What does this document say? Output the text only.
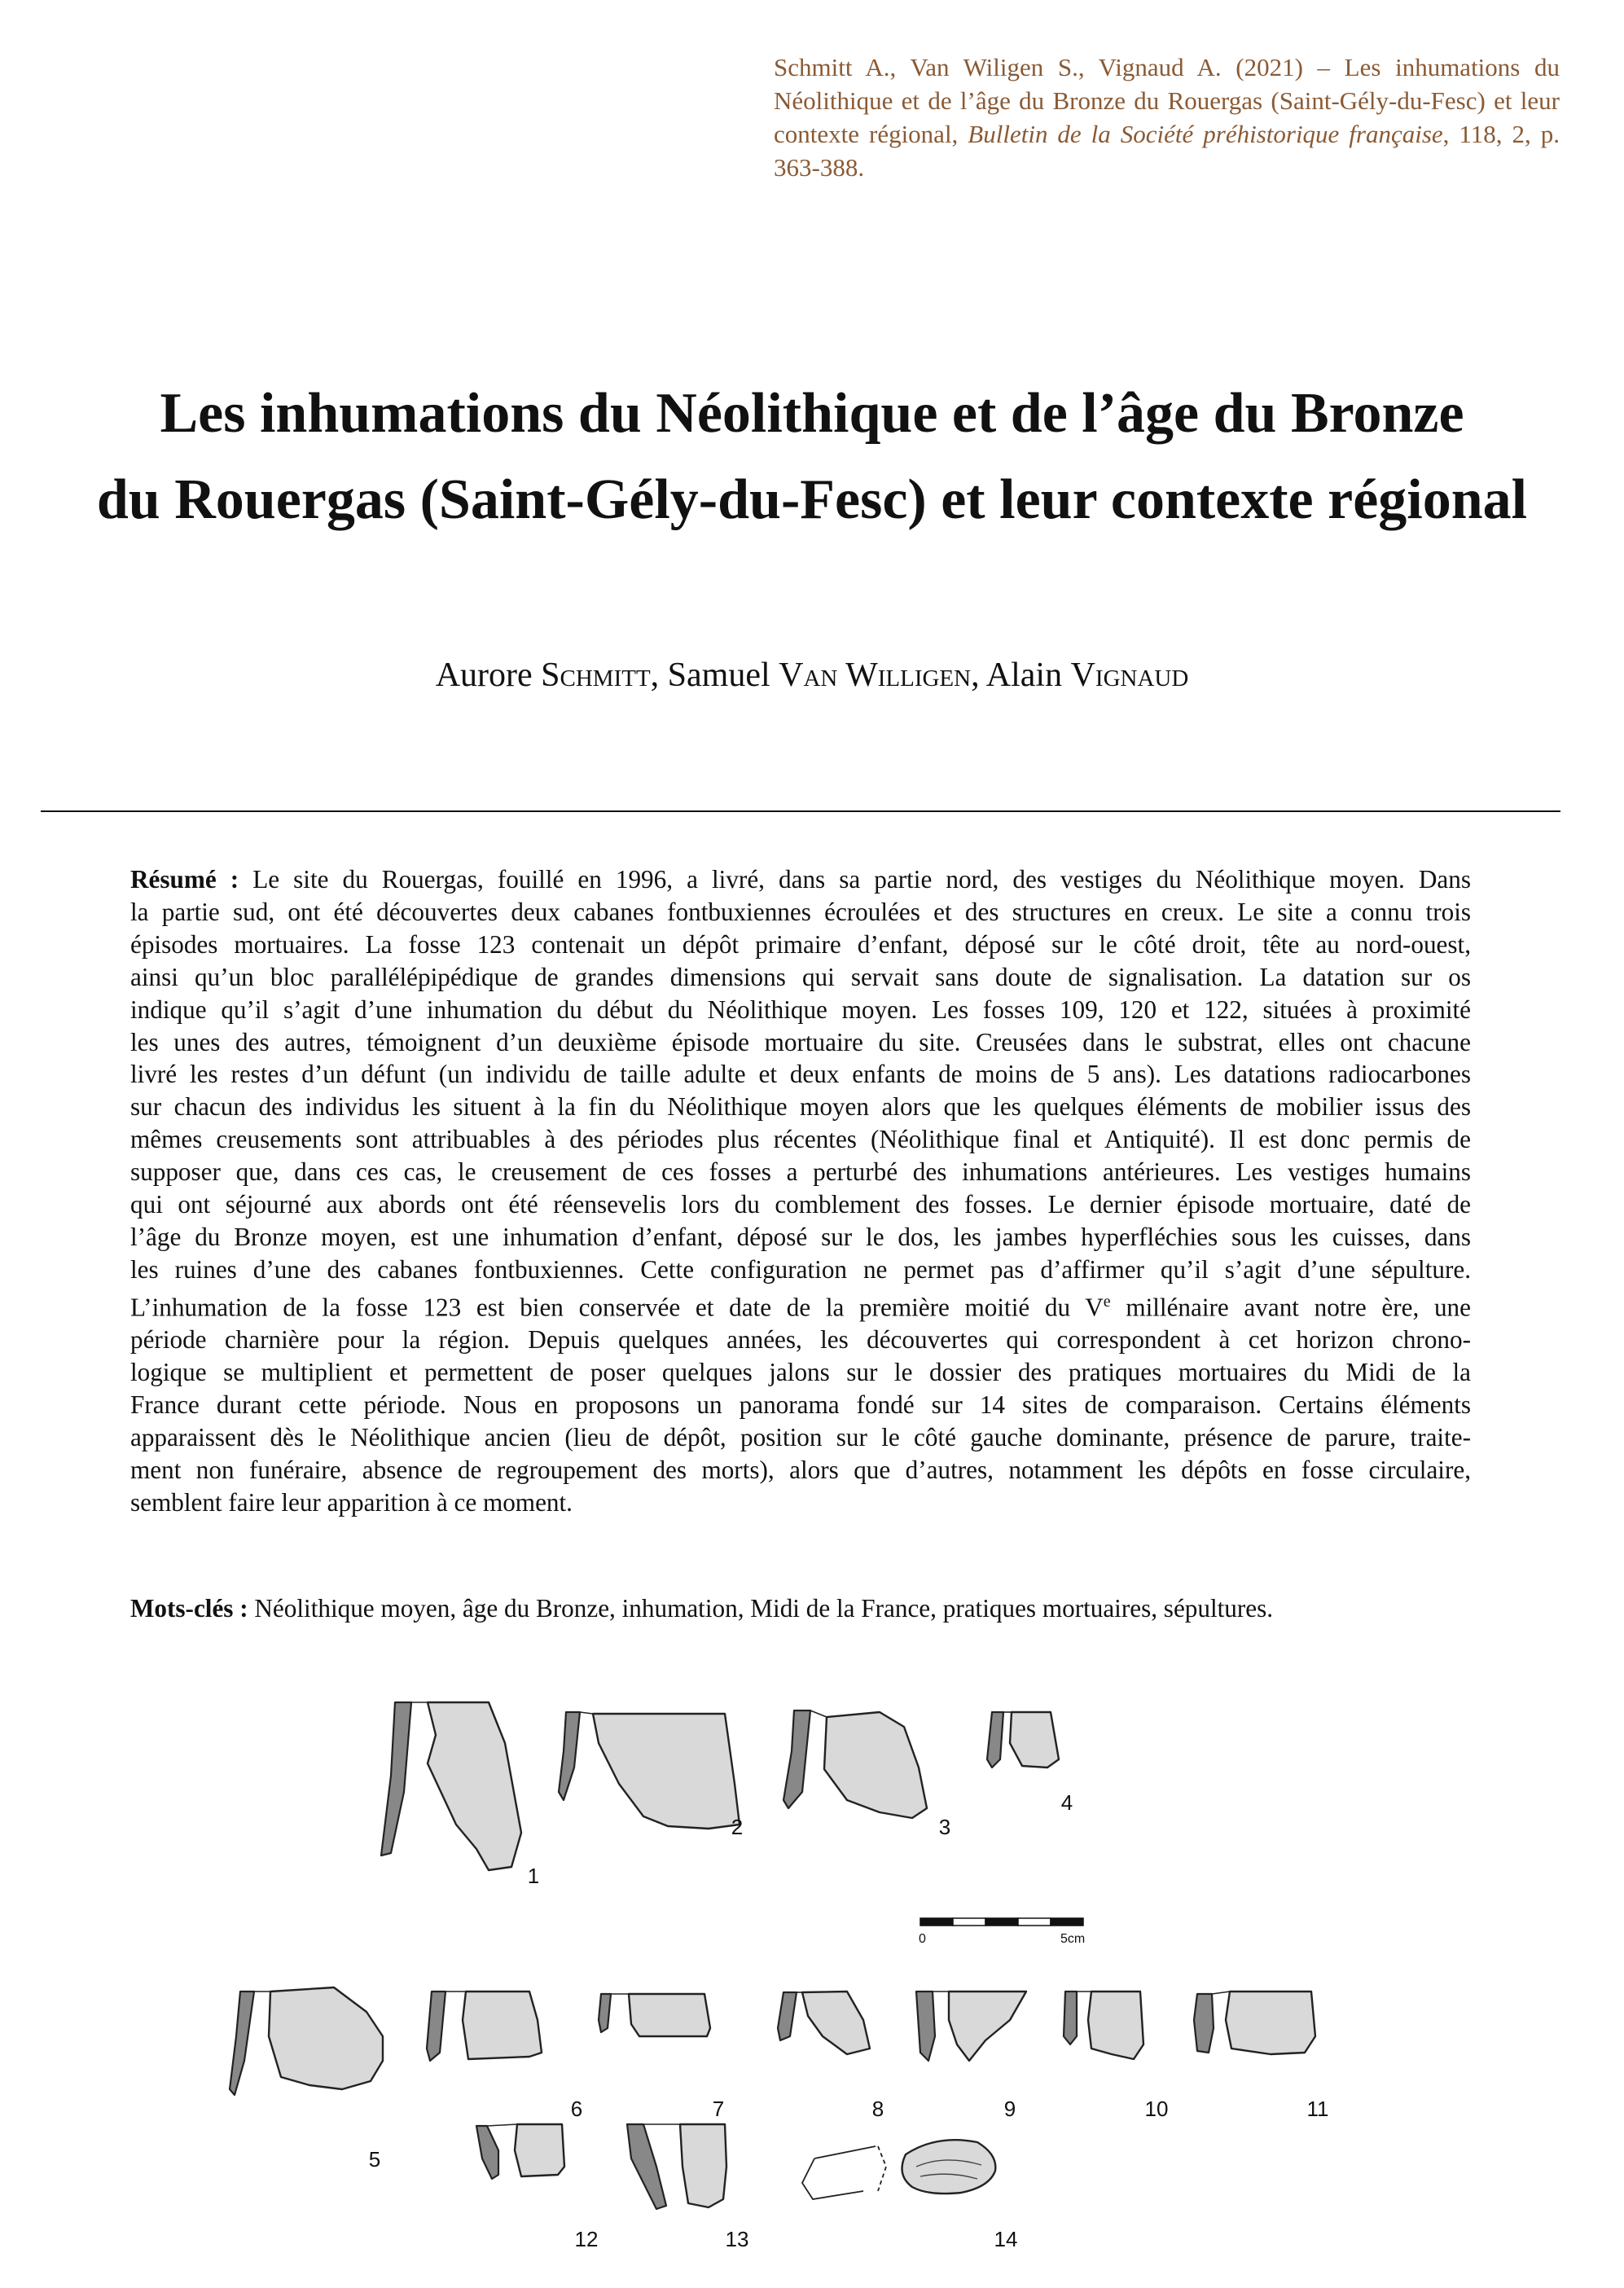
Schmitt A., Van Wiligen S., Vignaud A. (2021) – Les inhumations du Néolithique et de l’âge du Bronze du Rouergas (Saint-Gély-du-Fesc) et leur contexte régional, Bulletin de la Société préhistorique française, 118, 2, p. 363-388.
Les inhumations du Néolithique et de l’âge du Bronze
du Rouergas (Saint-Gély-du-Fesc) et leur contexte régional
Aurore Schmitt, Samuel Van Willigen, Alain Vignaud
Résumé : Le site du Rouergas, fouillé en 1996, a livré, dans sa partie nord, des vestiges du Néolithique moyen. Dans
la partie sud, ont été découvertes deux cabanes fontbuxiennes écroulées et des structures en creux. Le site a connu trois
épisodes mortuaires. La fosse 123 contenait un dépôt primaire d’enfant, déposé sur le côté droit, tête au nord-ouest,
ainsi qu’un bloc parallélépipédique de grandes dimensions qui servait sans doute de signalisation. La datation sur os
indique qu’il s’agit d’une inhumation du début du Néolithique moyen. Les fosses 109, 120 et 122, situées à proximité
les unes des autres, témoignent d’un deuxième épisode mortuaire du site. Creusées dans le substrat, elles ont chacune
livré les restes d’un défunt (un individu de taille adulte et deux enfants de moins de 5 ans). Les datations radiocarbones
sur chacun des individus les situent à la fin du Néolithique moyen alors que les quelques éléments de mobilier issus des
mêmes creusements sont attribuables à des périodes plus récentes (Néolithique final et Antiquité). Il est donc permis de
supposer que, dans ces cas, le creusement de ces fosses a perturbé des inhumations antérieures. Les vestiges humains
qui ont séjourné aux abords ont été réensevelis lors du comblement des fosses. Le dernier épisode mortuaire, daté de
l’âge du Bronze moyen, est une inhumation d’enfant, déposé sur le dos, les jambes hyperfléchies sous les cuisses, dans
les ruines d’une des cabanes fontbuxiennes. Cette configuration ne permet pas d’affirmer qu’il s’agit d’une sépulture.
L’inhumation de la fosse 123 est bien conservée et date de la première moitié du Ve millénaire avant notre ère, une
période charnière pour la région. Depuis quelques années, les découvertes qui correspondent à cet horizon chrono-
logique se multiplient et permettent de poser quelques jalons sur le dossier des pratiques mortuaires du Midi de la
France durant cette période. Nous en proposons un panorama fondé sur 14 sites de comparaison. Certains éléments
apparaissent dès le Néolithique ancien (lieu de dépôt, position sur le côté gauche dominante, présence de parure, traite-
ment non funéraire, absence de regroupement des morts), alors que d’autres, notamment les dépôts en fosse circulaire,
semblent faire leur apparition à ce moment.
Mots-clés : Néolithique moyen, âge du Bronze, inhumation, Midi de la France, pratiques mortuaires, sépultures.
1
2	3
4
5
6	7	8	9	10	11
12	13	14
0	5cm
